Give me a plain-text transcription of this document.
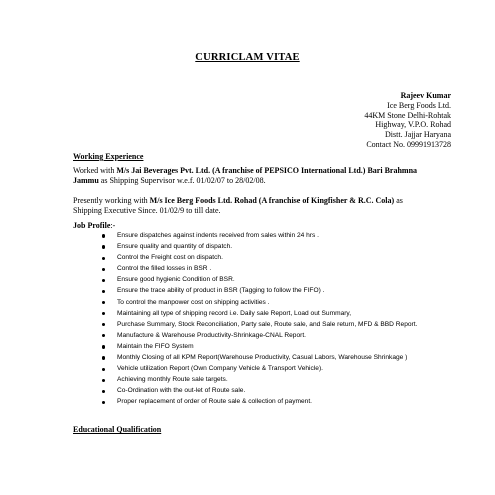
CURRICLAM VITAE
Rajeev Kumar
Ice Berg Foods Ltd.
44KM Stone Delhi-Rohtak
Highway, V.P.O. Rohad
Distt. Jajjar Haryana
Contact No. 09991913728
Working Experience
Worked with M/s Jai Beverages Pvt. Ltd. (A franchise of PEPSICO International Ltd.) Bari Brahmna Jammu as Shipping Supervisor w.e.f. 01/02/07 to 28/02/08.
Presently working with M/s Ice Berg Foods Ltd. Rohad (A franchise of Kingfisher & R.C. Cola) as Shipping Executive Since. 01/02/9 to till date.
Job Profile:-
Ensure dispatches against indents received from sales within 24 hrs .
Ensure quality and quantity of dispatch.
Control the Freight cost on dispatch.
Control the filled losses in BSR .
Ensure good hygienic Condition of BSR.
Ensure the trace ability of product in BSR (Tagging to follow the FIFO) .
To control the manpower cost on shipping activities .
Maintaining all type of shipping record i.e. Daily sale Report, Load out Summary,
Purchase Summary, Stock Reconciliation, Party sale, Route sale, and Sale return, MFD & BBD Report.
Manufacture & Warehouse Productivity-Shrinkage-CNAL Report.
Maintain the FIFO System
Monthly Closing of all KPM Report(Warehouse Productivity, Casual Labors, Warehouse Shrinkage )
Vehicle utilization Report (Own Company Vehicle & Transport Vehicle).
Achieving monthly Route sale targets.
Co-Ordination with the out-let of Route sale.
Proper replacement of order of Route sale & collection of payment.
Educational Qualification
